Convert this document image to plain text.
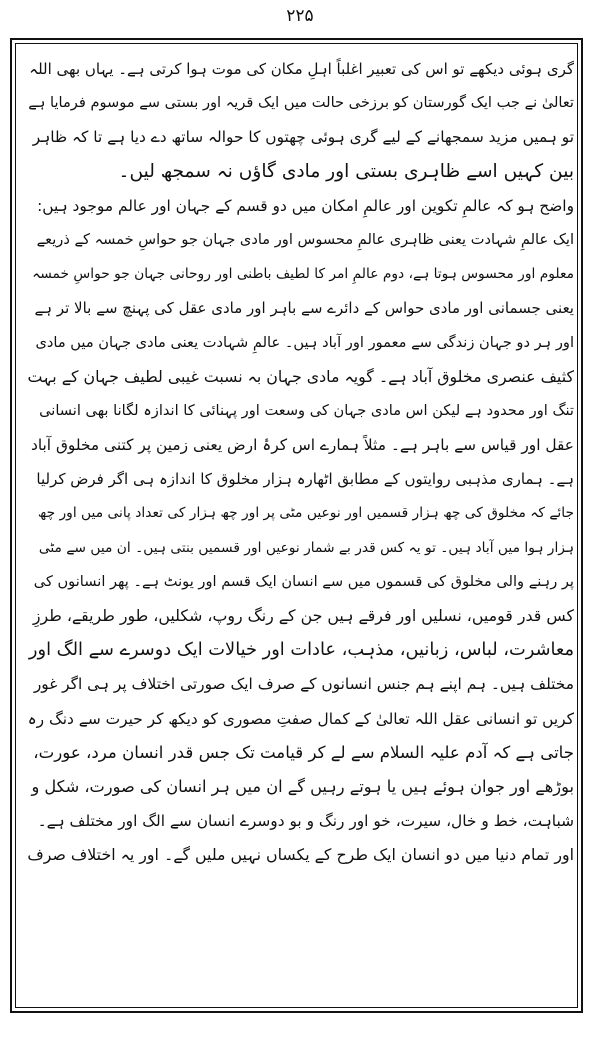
۲۲۵
گری ہوئی دیکھے تو اس کی تعبیر اغلباً اہلِ مکان کی موت ہوا کرتی ہے۔ یہاں بھی اللہ
تعالیٰ نے جب ایک گورستان کو برزخی حالت میں ایک قریہ اور بستی سے موسوم فرمایا ہے
تو ہمیں مزید سمجھانے کے لیے گری ہوئی چھتوں کا حوالہ ساتھ دے دیا ہے تا کہ ظاہر
بین کہیں اسے ظاہری بستی اور مادی گاؤں نہ سمجھ لیں۔
واضح ہو کہ عالمِ تکوین اور عالمِ امکان میں دو قسم کے جہان اور عالم موجود ہیں:
ایک عالمِ شہادت یعنی ظاہری عالمِ محسوس اور مادی جہان جو حواسِ خمسہ کے ذریعے
معلوم اور محسوس ہوتا ہے، دوم عالمِ امر کا لطیف باطنی اور روحانی جہان جو حواسِ خمسہ
یعنی جسمانی اور مادی حواس کے دائرے سے باہر اور مادی عقل کی پہنچ سے بالا تر ہے
اور ہر دو جہان زندگی سے معمور اور آباد ہیں۔ عالمِ شہادت یعنی مادی جہان میں مادی
کثیف عنصری مخلوق آباد ہے۔ گویہ مادی جہان بہ نسبت غیبی لطیف جہان کے بہت
تنگ اور محدود ہے لیکن اس مادی جہان کی وسعت اور پہنائی کا اندازہ لگانا بھی انسانی
عقل اور قیاس سے باہر ہے۔ مثلاً ہمارے اس کرۂ ارض یعنی زمین پر کتنی مخلوق آباد
ہے۔ ہماری مذہبی روایتوں کے مطابق اٹھارہ ہزار مخلوق کا اندازہ ہی اگر فرض کرلیا
جائے کہ مخلوق کی چھ ہزار قسمیں اور نوعیں مٹی پر اور چھ ہزار کی تعداد پانی میں اور چھ
ہزار ہوا میں آباد ہیں۔ تو یہ کس قدر بے شمار نوعیں اور قسمیں بنتی ہیں۔ ان میں سے مٹی
پر رہنے والی مخلوق کی قسموں میں سے انسان ایک قسم اور یونٹ ہے۔ پھر انسانوں کی
کس قدر قومیں، نسلیں اور فرقے ہیں جن کے رنگ روپ، شکلیں، طور طریقے، طرزِ
معاشرت، لباس، زبانیں، مذہب، عادات اور خیالات ایک دوسرے سے الگ اور
مختلف ہیں۔ ہم اپنے ہم جنس انسانوں کے صرف ایک صورتی اختلاف پر ہی اگر غور
کریں تو انسانی عقل اللہ تعالیٰ کے کمال صفتِ مصوری کو دیکھ کر حیرت سے دنگ رہ
جاتی ہے کہ آدم علیہ السلام سے لے کر قیامت تک جس قدر انسان مرد، عورت،
بوڑھے اور جوان ہوئے ہیں یا ہوتے رہیں گے ان میں ہر انسان کی صورت، شکل و
شباہت، خط و خال، سیرت، خو اور رنگ و بو دوسرے انسان سے الگ اور مختلف ہے۔
اور تمام دنیا میں دو انسان ایک طرح کے یکساں نہیں ملیں گے۔ اور یہ اختلاف صرف
